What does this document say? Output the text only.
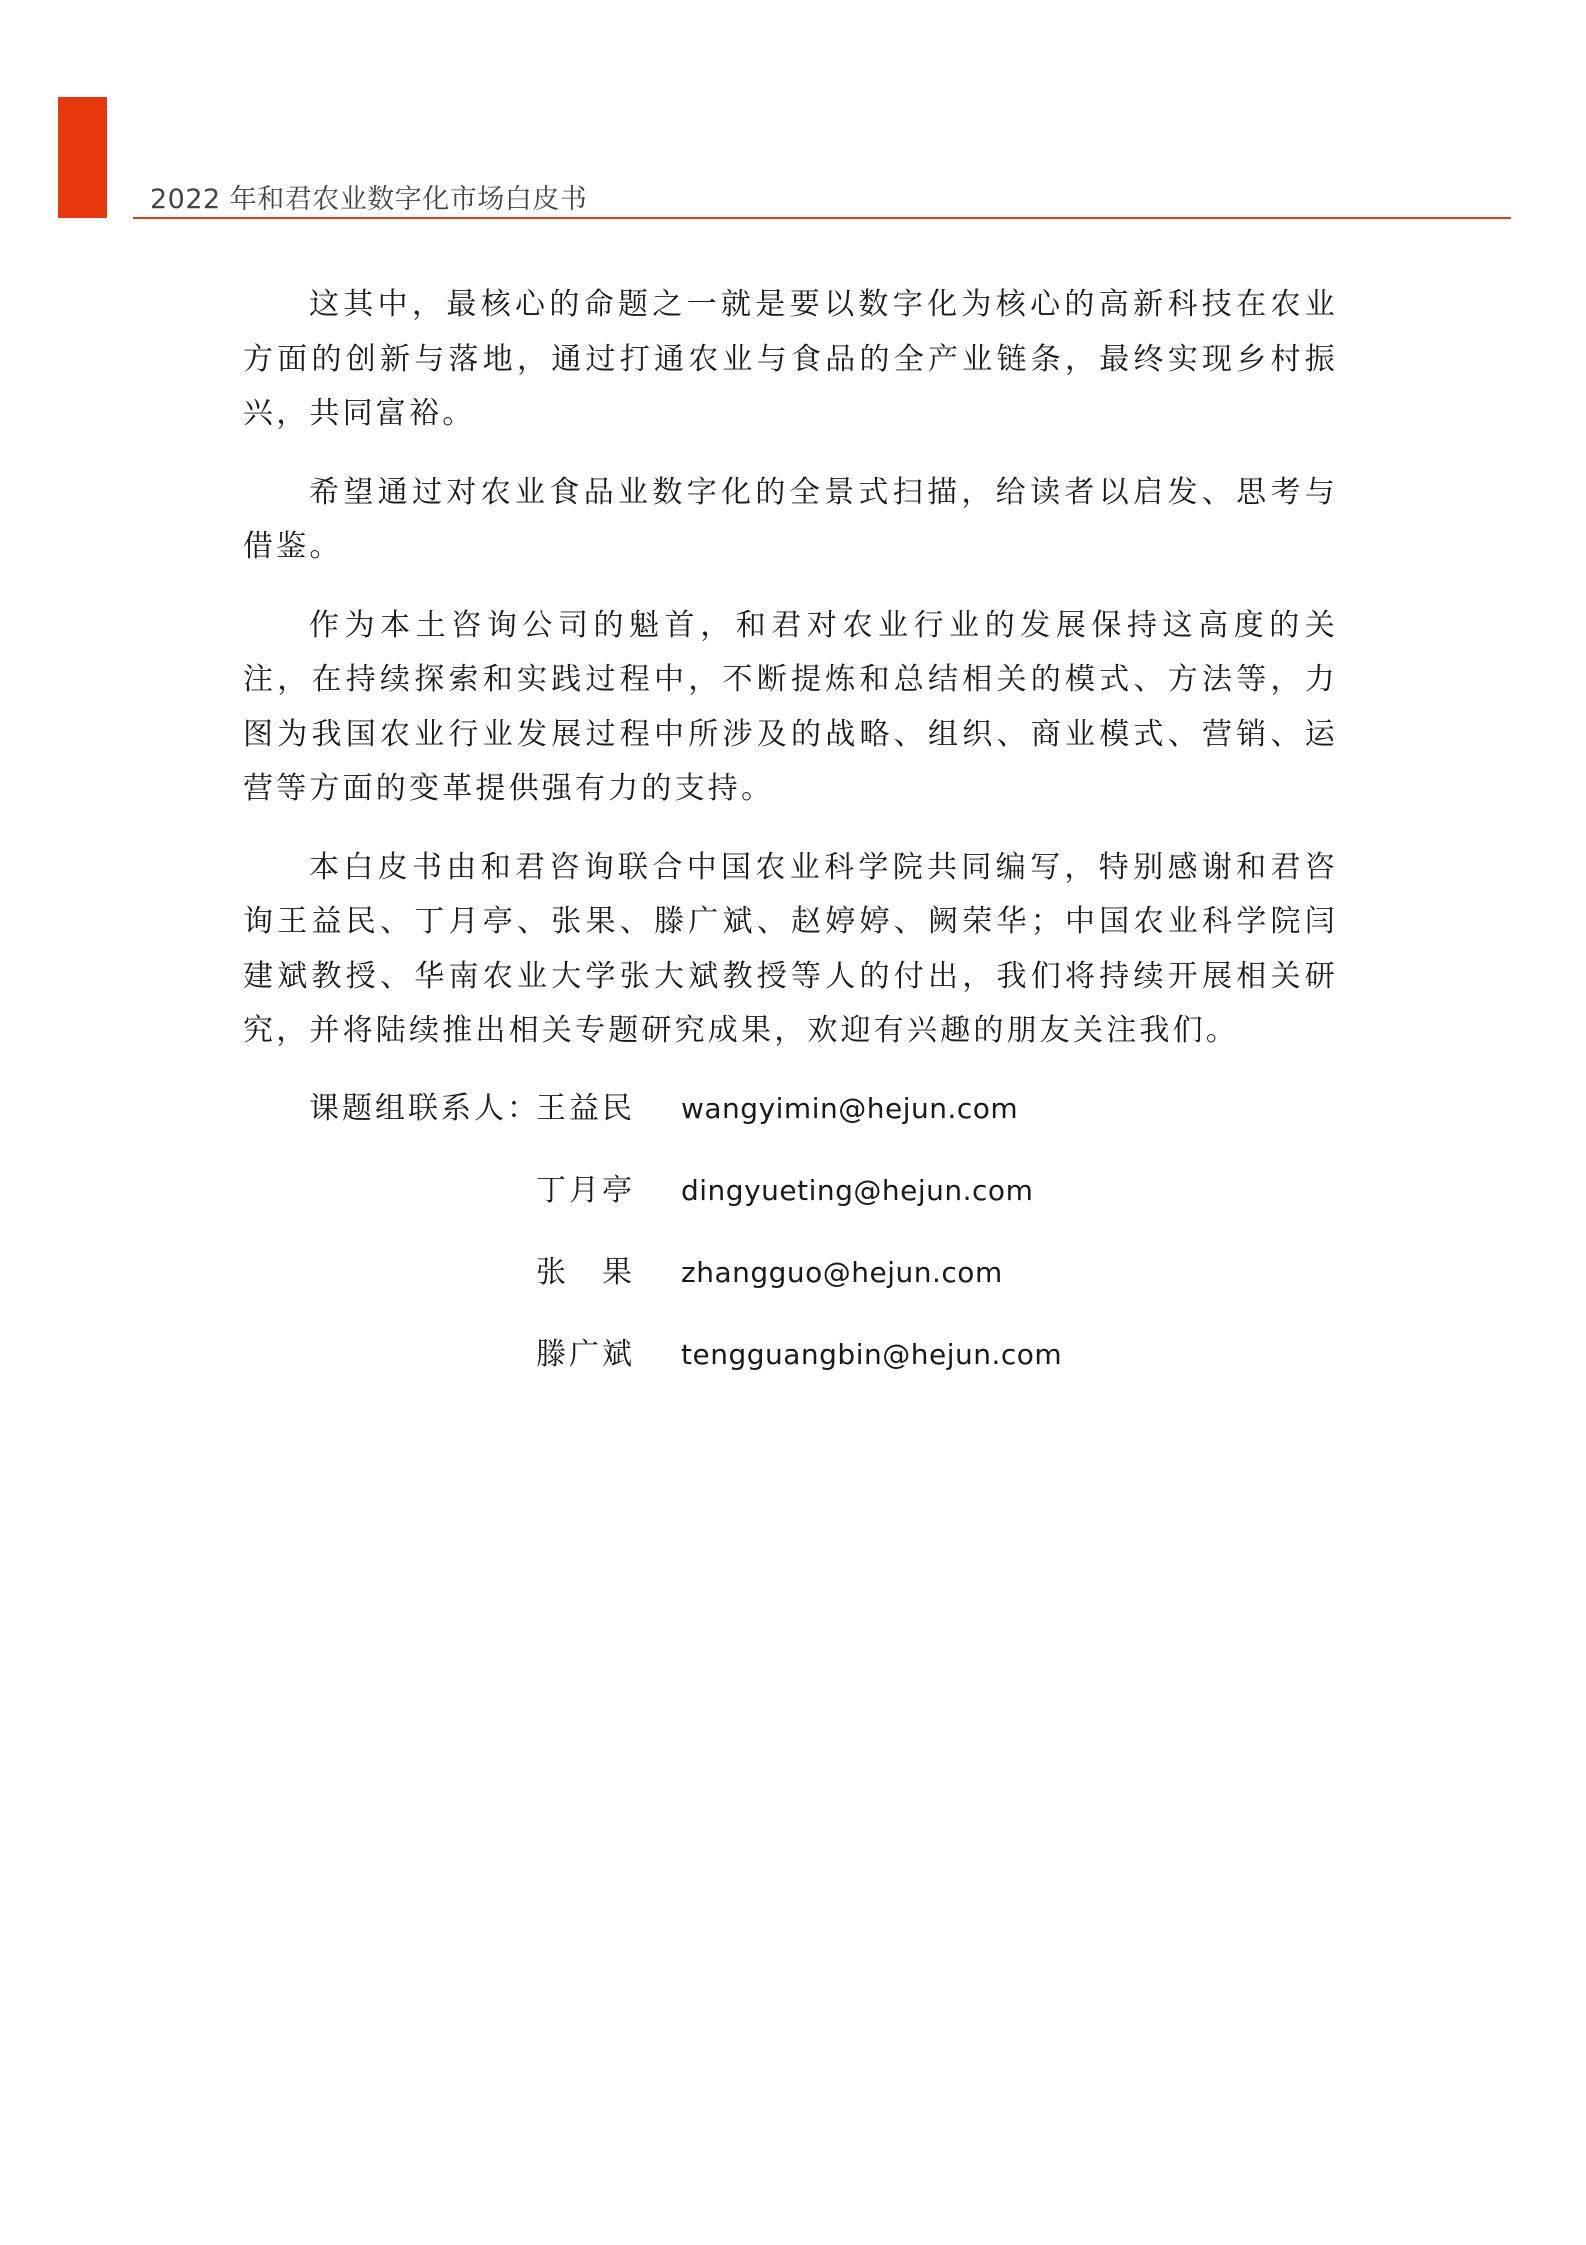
2022 年和君农业数字化市场白皮书

这其中，最核心的命题之一就是要以数字化为核心的高新科技在农业方面的创新与落地，通过打通农业与食品的全产业链条，最终实现乡村振兴，共同富裕。

希望通过对农业食品业数字化的全景式扫描，给读者以启发、思考与借鉴。

作为本土咨询公司的魁首，和君对农业行业的发展保持这高度的关注，在持续探索和实践过程中，不断提炼和总结相关的模式、方法等，力图为我国农业行业发展过程中所涉及的战略、组织、商业模式、营销、运营等方面的变革提供强有力的支持。

本白皮书由和君咨询联合中国农业科学院共同编写，特别感谢和君咨询王益民、丁月亭、张果、滕广斌、赵婷婷、阙荣华；中国农业科学院闫建斌教授、华南农业大学张大斌教授等人的付出，我们将持续开展相关研究，并将陆续推出相关专题研究成果，欢迎有兴趣的朋友关注我们。

课题组联系人：
王益民	wangyimin@hejun.com
丁月亭	dingyueting@hejun.com
张　果	zhangguo@hejun.com
滕广斌	tengguangbin@hejun.com
